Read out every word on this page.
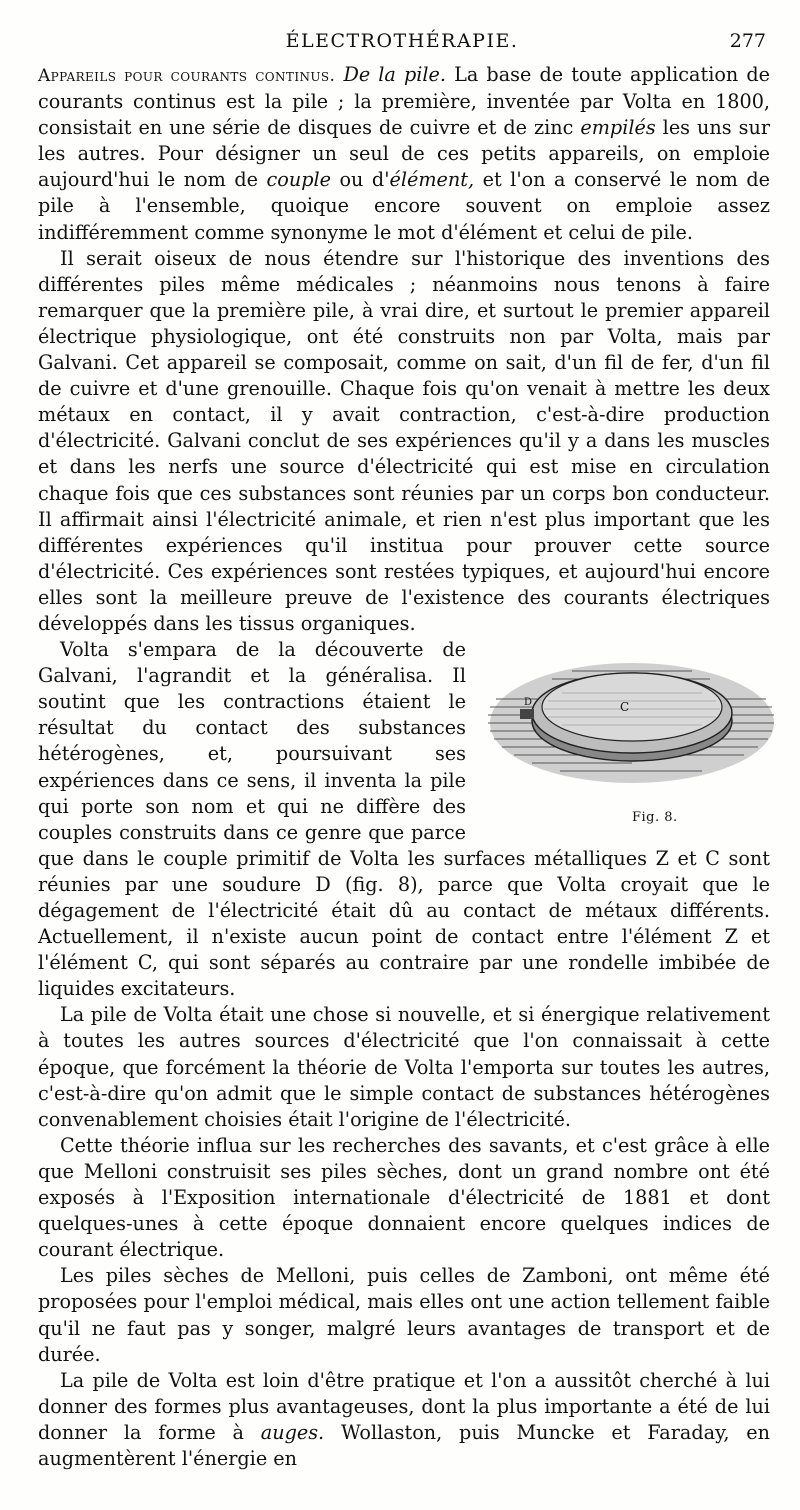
ÉLECTROTHÉRAPIE.	277

Appareils pour courants continus. De la pile. La base de toute application de courants continus est la pile ; la première, inventée par Volta en 1800, consistait en une série de disques de cuivre et de zinc empilés les uns sur les autres. Pour désigner un seul de ces petits appareils, on emploie aujourd'hui le nom de couple ou d'élément, et l'on a conservé le nom de pile à l'ensemble, quoique encore souvent on emploie assez indifféremment comme synonyme le mot d'élément et celui de pile.

Il serait oiseux de nous étendre sur l'historique des inventions des différentes piles même médicales ; néanmoins nous tenons à faire remarquer que la première pile, à vrai dire, et surtout le premier appareil électrique physiologique, ont été construits non par Volta, mais par Galvani. Cet appareil se composait, comme on sait, d'un fil de fer, d'un fil de cuivre et d'une grenouille. Chaque fois qu'on venait à mettre les deux métaux en contact, il y avait contraction, c'est-à-dire production d'électricité. Galvani conclut de ses expériences qu'il y a dans les muscles et dans les nerfs une source d'électricité qui est mise en circulation chaque fois que ces substances sont réunies par un corps bon conducteur. Il affirmait ainsi l'électricité animale, et rien n'est plus important que les différentes expériences qu'il institua pour prouver cette source d'électricité. Ces expériences sont restées typiques, et aujourd'hui encore elles sont la meilleure preuve de l'existence des courants électriques développés dans les tissus organiques.

C
D
Fig. 8.
Volta s'empara de la découverte de Galvani, l'agrandit et la généralisa. Il soutint que les contractions étaient le résultat du contact des substances hétérogènes, et, poursuivant ses expériences dans ce sens, il inventa la pile qui porte son nom et qui ne diffère des couples construits dans ce genre que parce que dans le couple primitif de Volta les surfaces métalliques Z et C sont réunies par une soudure D (fig. 8), parce que Volta croyait que le dégagement de l'électricité était dû au contact de métaux différents. Actuellement, il n'existe aucun point de contact entre l'élément Z et l'élément C, qui sont séparés au contraire par une rondelle imbibée de liquides excitateurs.

La pile de Volta était une chose si nouvelle, et si énergique relativement à toutes les autres sources d'électricité que l'on connaissait à cette époque, que forcément la théorie de Volta l'emporta sur toutes les autres, c'est-à-dire qu'on admit que le simple contact de substances hétérogènes convenablement choisies était l'origine de l'électricité.

Cette théorie influa sur les recherches des savants, et c'est grâce à elle que Melloni construisit ses piles sèches, dont un grand nombre ont été exposés à l'Exposition internationale d'électricité de 1881 et dont quelques-unes à cette époque donnaient encore quelques indices de courant électrique.

Les piles sèches de Melloni, puis celles de Zamboni, ont même été proposées pour l'emploi médical, mais elles ont une action tellement faible qu'il ne faut pas y songer, malgré leurs avantages de transport et de durée.

La pile de Volta est loin d'être pratique et l'on a aussitôt cherché à lui donner des formes plus avantageuses, dont la plus importante a été de lui donner la forme à auges. Wollaston, puis Muncke et Faraday, en augmentèrent l'énergie en
